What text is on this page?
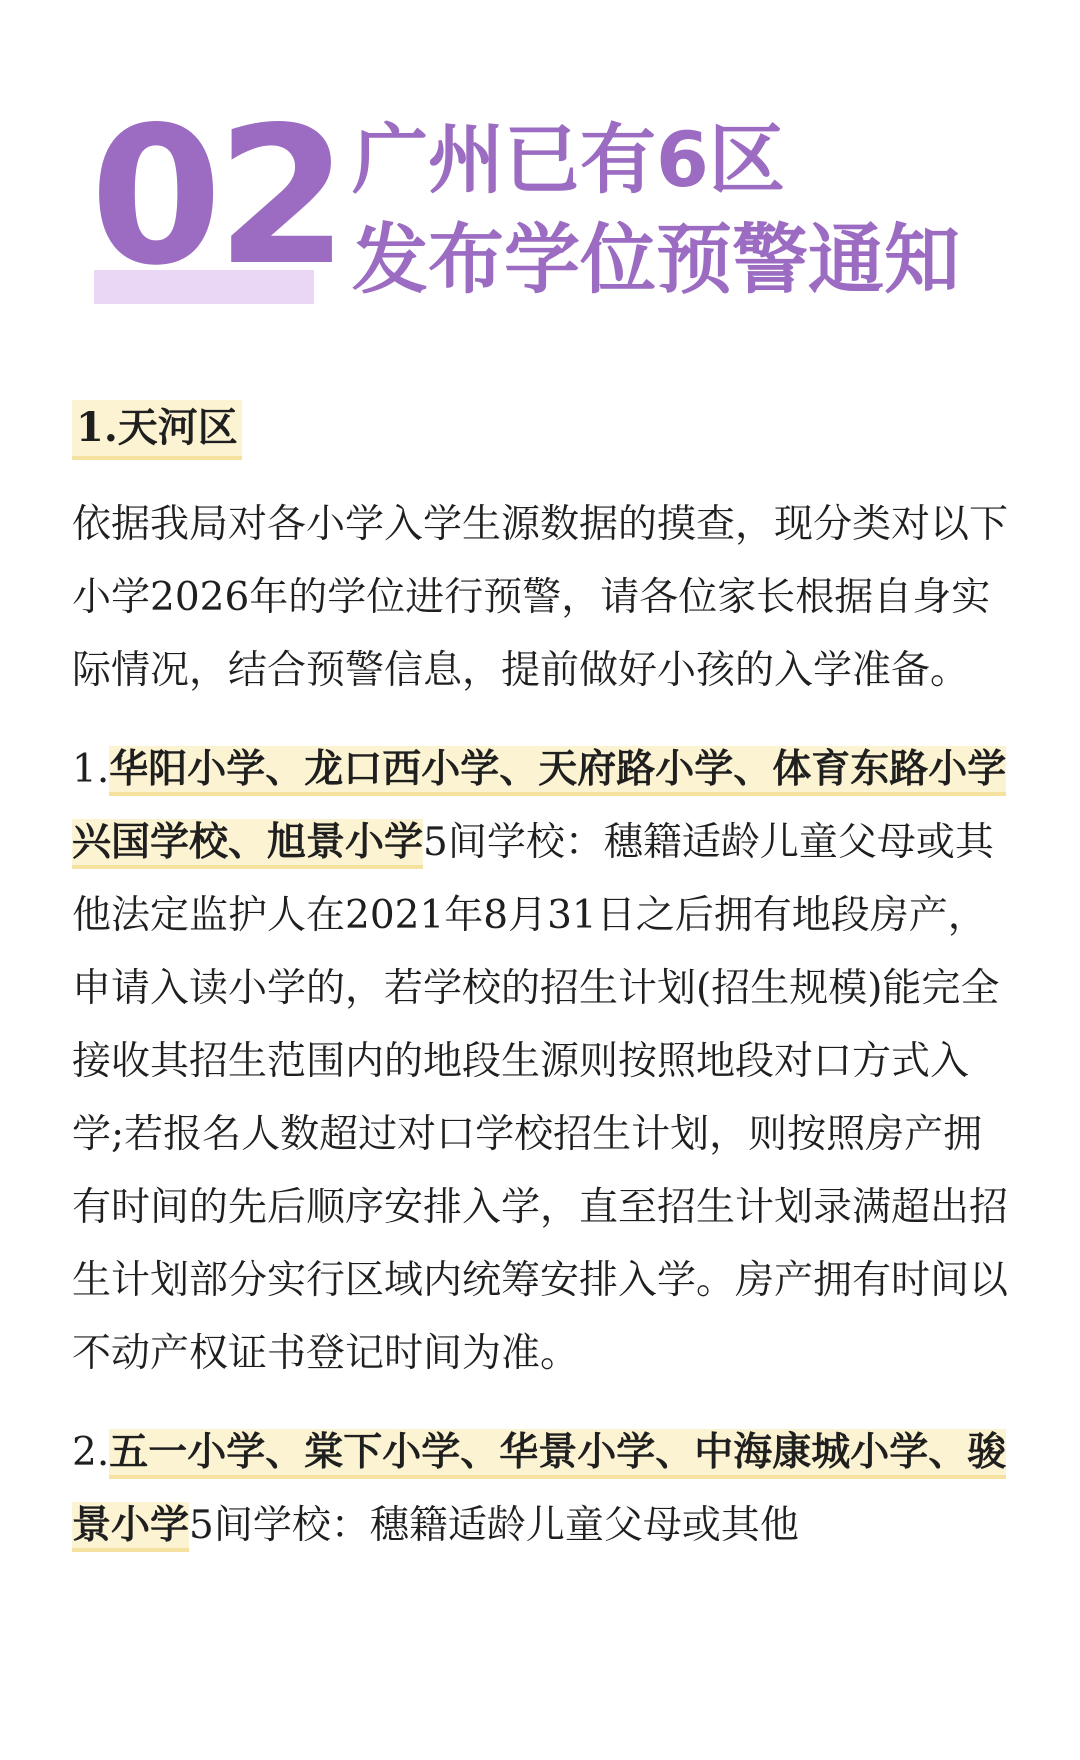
02 广州已有6区
发布学位预警通知
1.天河区

依据我局对各小学入学生源数据的摸查，现分类对以下小学2026年的学位进行预警，请各位家长根据自身实际情况，结合预警信息，提前做好小孩的入学准备。

1.华阳小学、龙口西小学、天府路小学、体育东路小学兴国学校、旭景小学5间学校：穗籍适龄儿童父母或其他法定监护人在2021年8月31日之后拥有地段房产，申请入读小学的，若学校的招生计划(招生规模)能完全接收其招生范围内的地段生源则按照地段对口方式入学;若报名人数超过对口学校招生计划，则按照房产拥有时间的先后顺序安排入学，直至招生计划录满超出招生计划部分实行区域内统筹安排入学。房产拥有时间以不动产权证书登记时间为准。

2.五一小学、棠下小学、华景小学、中海康城小学、骏景小学5间学校：穗籍适龄儿童父母或其他
